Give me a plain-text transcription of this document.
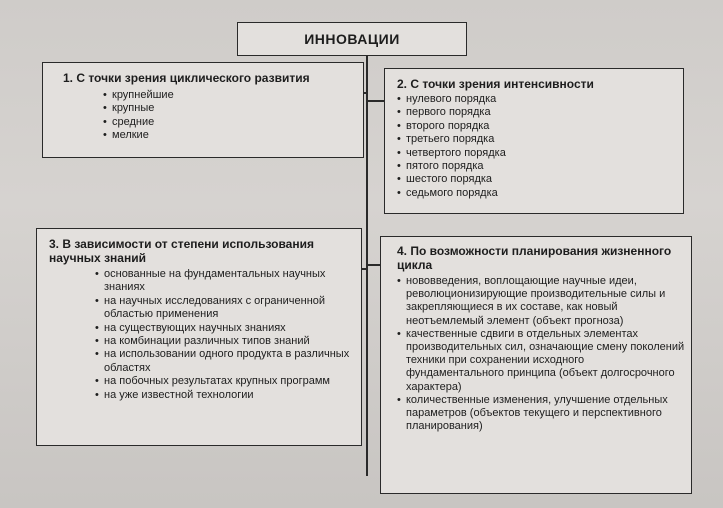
ИННОВАЦИИ
1. С точки зрения циклического развития
• крупнейшие
• крупные
• средние
• мелкие
2. С точки зрения интенсивности
• нулевого порядка
• первого порядка
• второго порядка
• третьего порядка
• четвертого порядка
• пятого порядка
• шестого порядка
• седьмого порядка
3. В зависимости от степени использования научных знаний
• основанные на фундаментальных научных знаниях
• на научных исследованиях с ограниченной областью применения
• на существующих научных знаниях
• на комбинации различных типов знаний
• на использовании одного продукта в различных областях
• на побочных результатах крупных программ
• на уже известной технологии
4. По возможности планирования жизненного цикла
• нововведения, воплощающие научные идеи, революционизирующие производительные силы и закрепляющиеся в их составе, как новый неотъемлемый элемент (объект прогноза)
• качественные сдвиги в отдельных элементах производительных сил, означающие смену поколений техники при сохранении исходного фундаментального принципа (объект долгосрочного характера)
• количественные изменения, улучшение отдельных параметров (объектов текущего и перспективного планирования)
